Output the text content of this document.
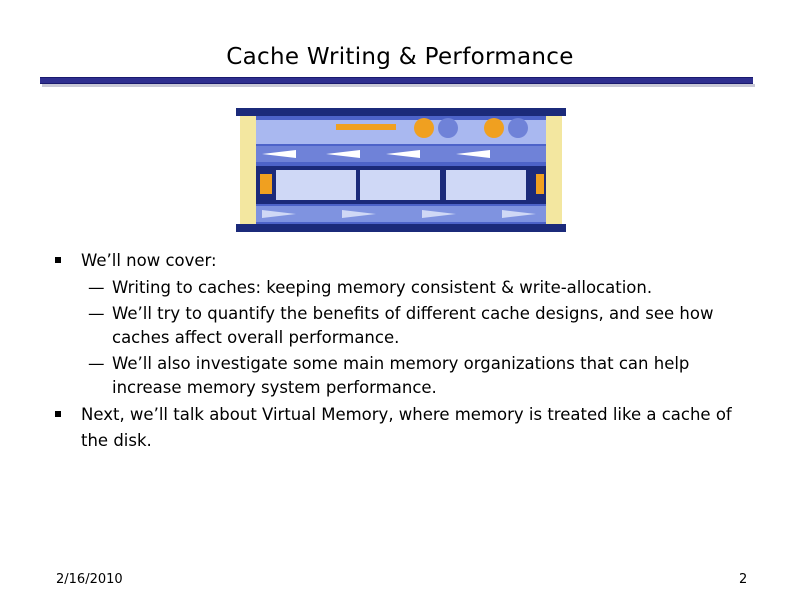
Cache Writing & Performance
We’ll now cover:
— Writing to caches: keeping memory consistent & write-allocation.
— We’ll try to quantify the benefits of different cache designs, and see how caches affect overall performance.
— We’ll also investigate some main memory organizations that can help increase memory system performance.
Next, we’ll talk about Virtual Memory, where memory is treated like a cache of the disk.
2/16/2010	2
